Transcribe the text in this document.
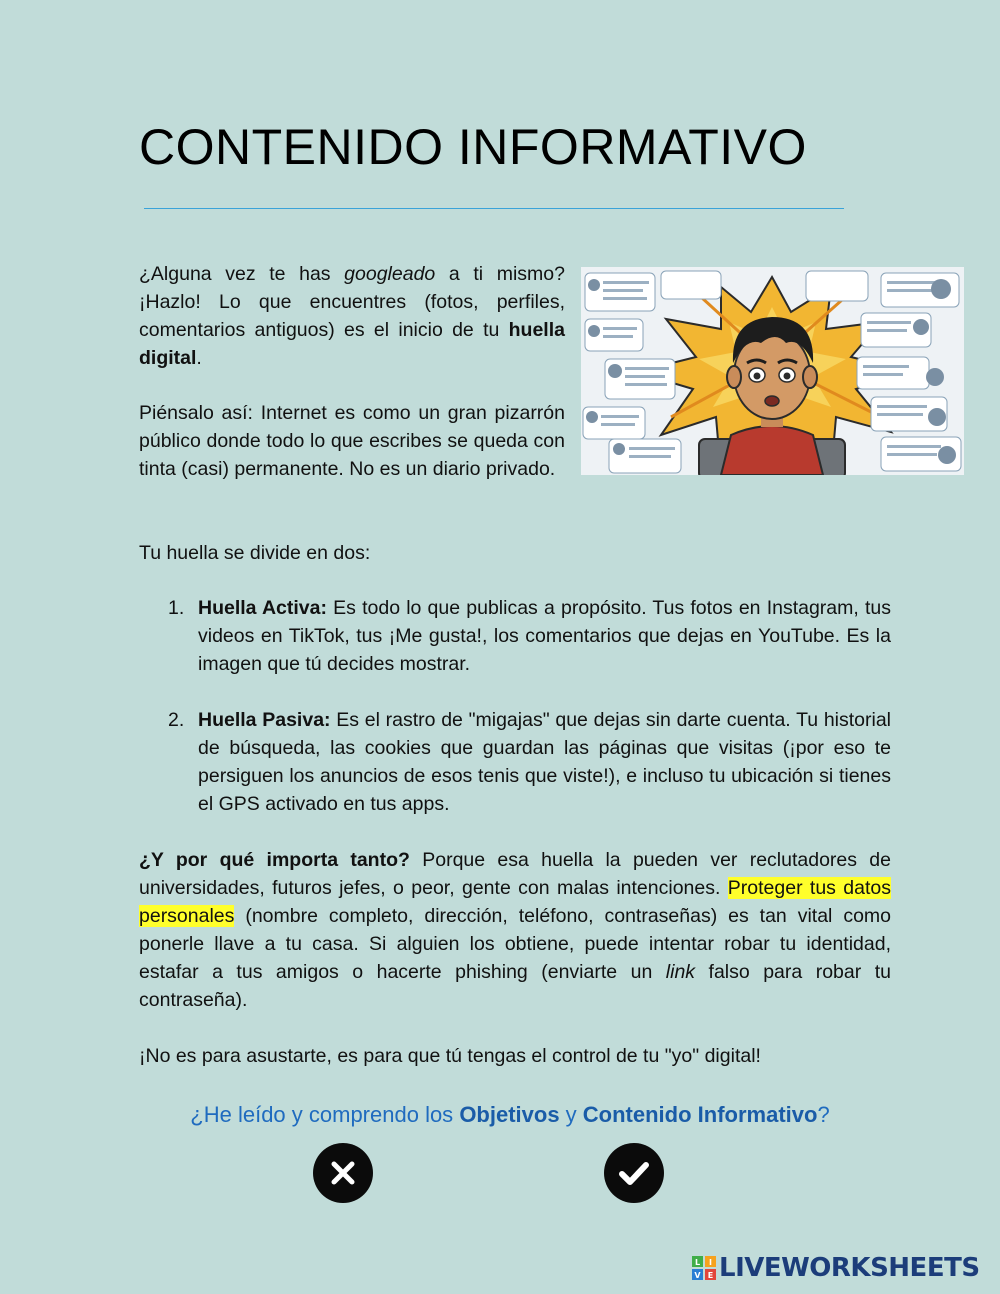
CONTENIDO INFORMATIVO
¿Alguna vez te has googleado a ti mismo? ¡Hazlo! Lo que encuentres (fotos, perfiles, comentarios antiguos) es el inicio de tu huella digital.
Piénsalo así: Internet es como un gran pizarrón público donde todo lo que escribes se queda con tinta (casi) permanente. No es un diario privado.
Tu huella se divide en dos:
1. Huella Activa: Es todo lo que publicas a propósito. Tus fotos en Instagram, tus videos en TikTok, tus ¡Me gusta!, los comentarios que dejas en YouTube. Es la imagen que tú decides mostrar.
2. Huella Pasiva: Es el rastro de "migajas" que dejas sin darte cuenta. Tu historial de búsqueda, las cookies que guardan las páginas que visitas (¡por eso te persiguen los anuncios de esos tenis que viste!), e incluso tu ubicación si tienes el GPS activado en tus apps.
¿Y por qué importa tanto? Porque esa huella la pueden ver reclutadores de universidades, futuros jefes, o peor, gente con malas intenciones. Proteger tus datos personales (nombre completo, dirección, teléfono, contraseñas) es tan vital como ponerle llave a tu casa. Si alguien los obtiene, puede intentar robar tu identidad, estafar a tus amigos o hacerte phishing (enviarte un link falso para robar tu contraseña).
¡No es para asustarte, es para que tú tengas el control de tu "yo" digital!
¿He leído y comprendo los Objetivos y Contenido Informativo?
L I
V E LIVEWORKSHEETS
